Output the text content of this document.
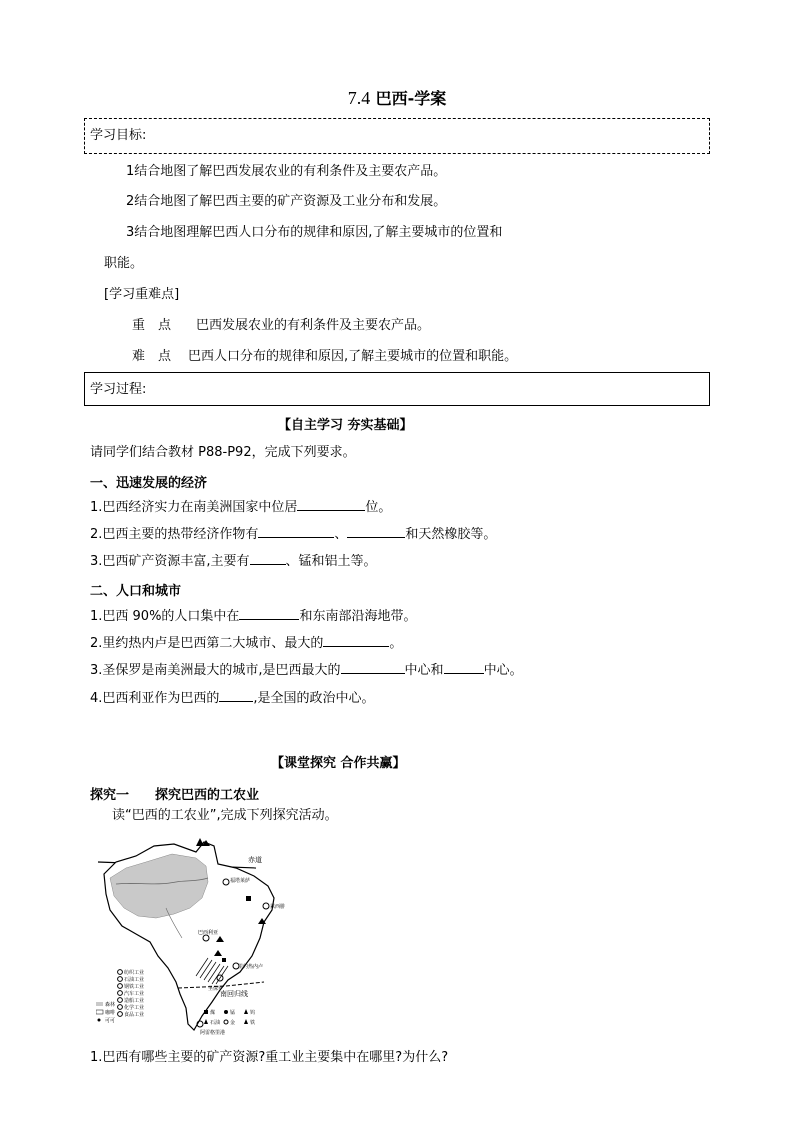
7.4 巴西-学案
学习目标:
1结合地图了解巴西发展农业的有利条件及主要农产品。
2结合地图了解巴西主要的矿产资源及工业分布和发展。
3结合地图理解巴西人口分布的规律和原因,了解主要城市的位置和
职能。
[学习重难点]
重　点 巴西发展农业的有利条件及主要农产品。
难　点 巴西人口分布的规律和原因,了解主要城市的位置和职能。
学习过程:
【自主学习 夯实基础】
请同学们结合教材 P88-P92，完成下列要求。
一、迅速发展的经济
1.巴西经济实力在南美洲国家中位居	位。
2.巴西主要的热带经济作物有	、	和天然橡胶等。
3.巴西矿产资源丰富,主要有	、锰和铝土等。
二、人口和城市
1.巴西 90%的人口集中在	和东南部沿海地带。
2.里约热内卢是巴西第二大城市、最大的	。
3.圣保罗是南美洲最大的城市,是巴西最大的	中心和	中心。
4.巴西利亚作为巴西的	,是全国的政治中心。
【课堂探究 合作共赢】
探究一 探究巴西的工农业
读“巴西的工农业”,完成下列探究活动。
赤道
南回归线
福塔莱萨
累西腓
巴西利亚
里约热内卢
圣保罗
阿雷格里港
纺织工业
石油工业
钢铁工业
汽车工业
造船工业
化学工业
食品工业
森林
咖啡
可可
煤	锰
石油 金
钨
铁
1.巴西有哪些主要的矿产资源?重工业主要集中在哪里?为什么?
